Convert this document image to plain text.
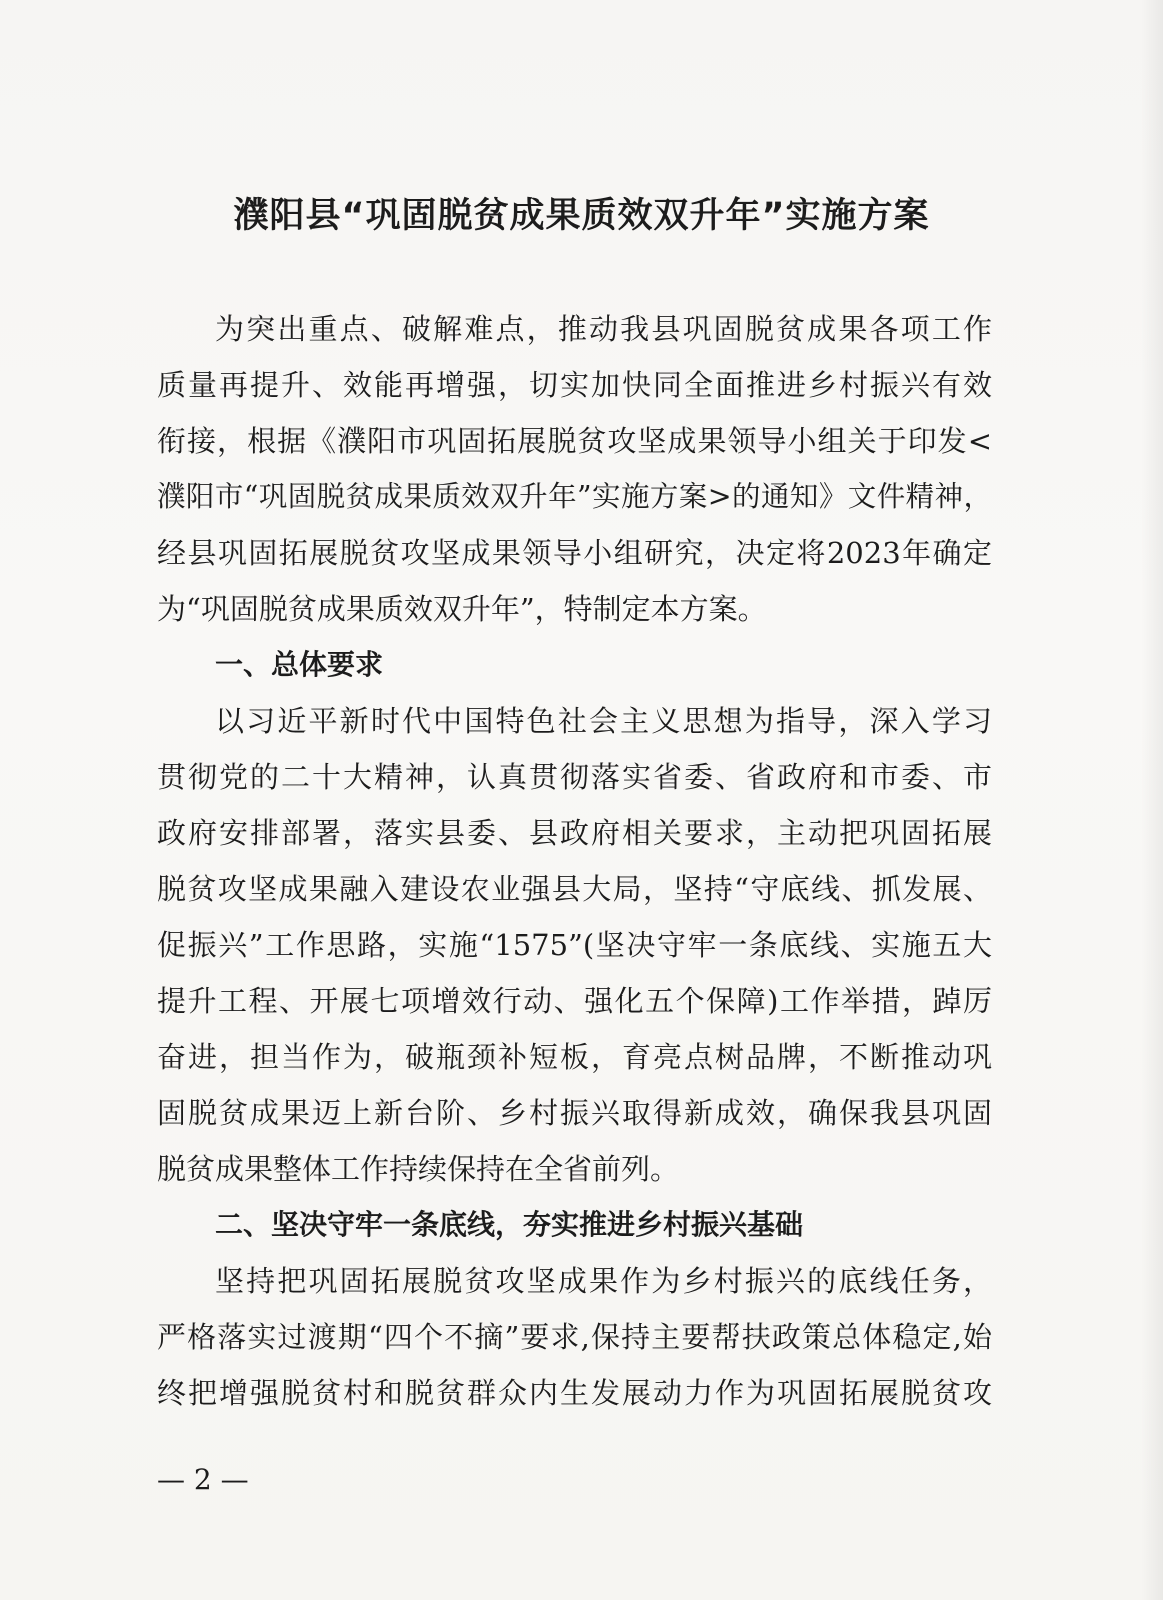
濮阳县“巩固脱贫成果质效双升年”实施方案
为突出重点、破解难点，推动我县巩固脱贫成果各项工作
质量再提升、效能再增强，切实加快同全面推进乡村振兴有效
衔接，根据《濮阳市巩固拓展脱贫攻坚成果领导小组关于印发<
濮阳市“巩固脱贫成果质效双升年”实施方案>的通知》文件精神，
经县巩固拓展脱贫攻坚成果领导小组研究，决定将2023年确定
为“巩固脱贫成果质效双升年”，特制定本方案。
一、总体要求
以习近平新时代中国特色社会主义思想为指导，深入学习
贯彻党的二十大精神，认真贯彻落实省委、省政府和市委、市
政府安排部署，落实县委、县政府相关要求，主动把巩固拓展
脱贫攻坚成果融入建设农业强县大局，坚持“守底线、抓发展、
促振兴”工作思路，实施“1575”(坚决守牢一条底线、实施五大
提升工程、开展七项增效行动、强化五个保障)工作举措，踔厉
奋进，担当作为，破瓶颈补短板，育亮点树品牌，不断推动巩
固脱贫成果迈上新台阶、乡村振兴取得新成效，确保我县巩固
脱贫成果整体工作持续保持在全省前列。
二、坚决守牢一条底线，夯实推进乡村振兴基础
坚持把巩固拓展脱贫攻坚成果作为乡村振兴的底线任务，
严格落实过渡期“四个不摘”要求,保持主要帮扶政策总体稳定,始
终把增强脱贫村和脱贫群众内生发展动力作为巩固拓展脱贫攻
— 2 —
